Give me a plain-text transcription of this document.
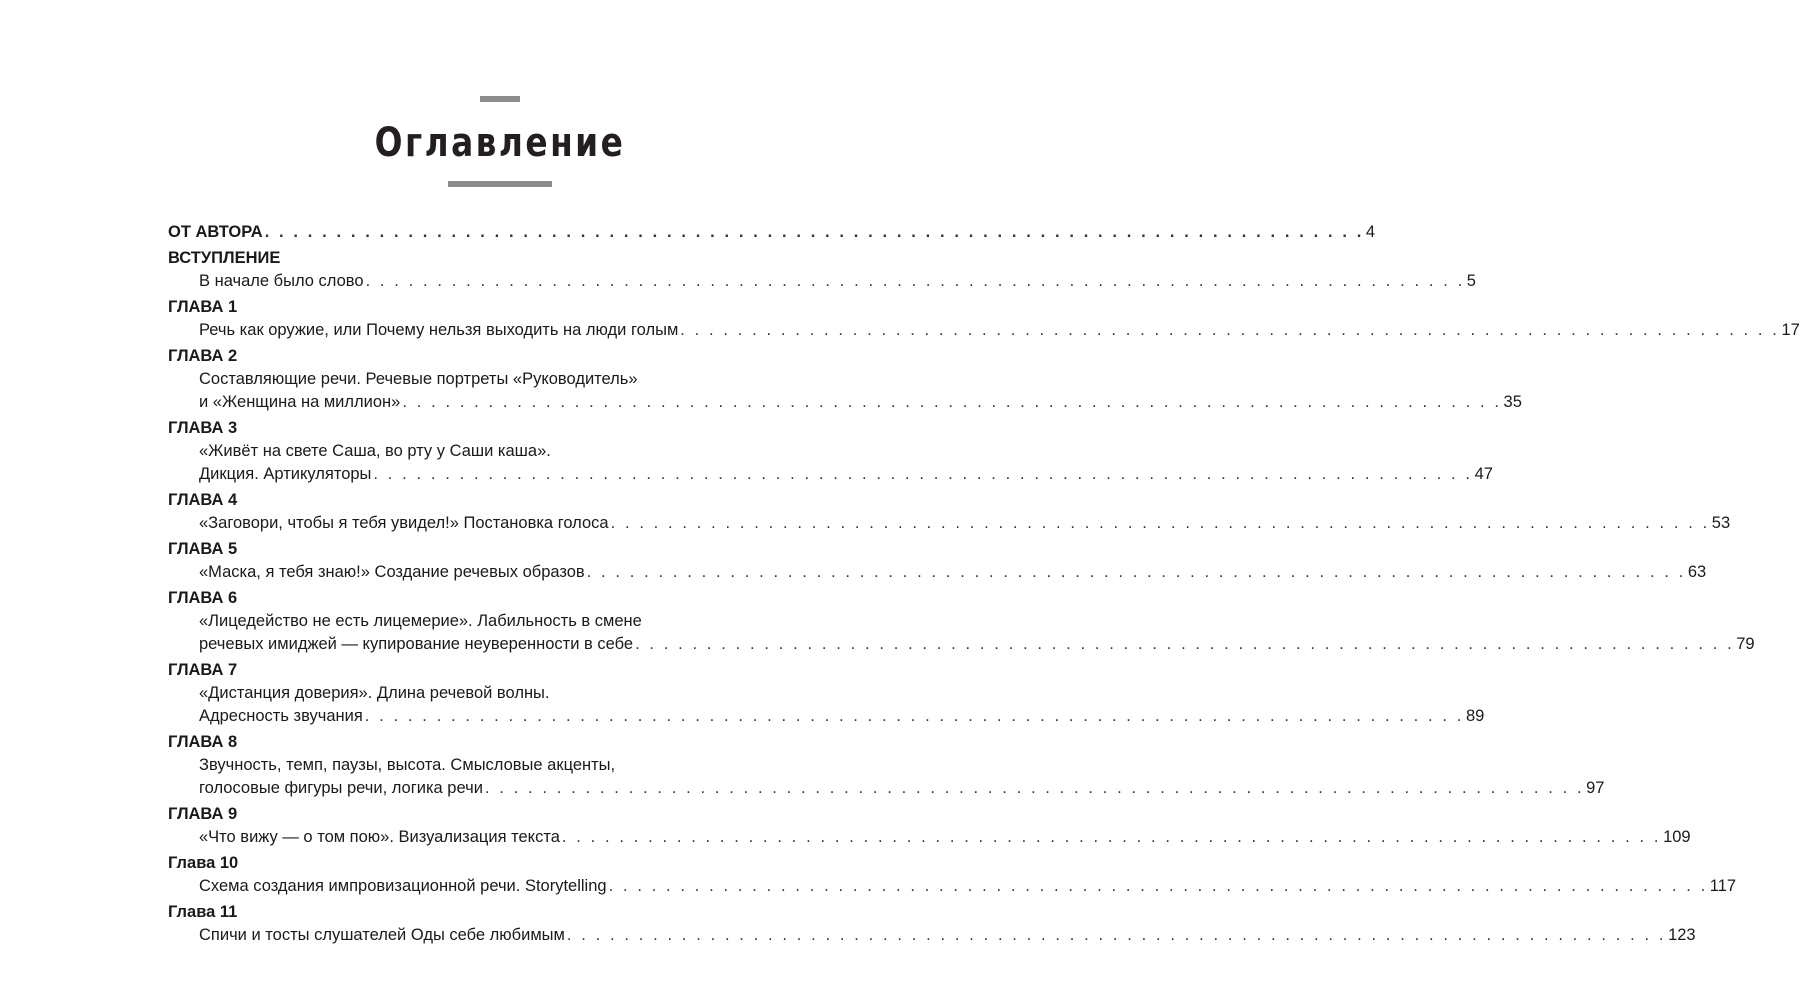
Оглавление
ОТ АВТОРА . . . . . . . . . . . . . . . . . . . . . . . . . . . . . . . . . . . . . . . . . . . . . . . . . . . . . . . . . . . . . . . . . . . . . . . . . . . . . 4
ВСТУПЛЕНИЕ
В начале было слово . . . . . . . . . . . . . . . . . . . . . . . . . . . . . . . . . . . . . . . . . . . . . . . . . . . . . . . . . . . . . . . . . . . . . . . . . . . . . 5
ГЛАВА 1
Речь как оружие, или Почему нельзя выходить на люди голым . . . . . . . . . . . . . . . . . . . . . . . . . . . . . . . . . . . . . . . . . . . . . . . . . . . . . . . . . . . . . . . . . . . . . . . . . . . . . 17
ГЛАВА 2
Составляющие речи. Речевые портреты «Руководитель»
и «Женщина на миллион» . . . . . . . . . . . . . . . . . . . . . . . . . . . . . . . . . . . . . . . . . . . . . . . . . . . . . . . . . . . . . . . . . . . . . . . . . . . . . 35
ГЛАВА 3
«Живёт на свете Саша, во рту у Саши каша».
Дикция. Артикуляторы . . . . . . . . . . . . . . . . . . . . . . . . . . . . . . . . . . . . . . . . . . . . . . . . . . . . . . . . . . . . . . . . . . . . . . . . . . . . . 47
ГЛАВА 4
«Заговори, чтобы я тебя увидел!» Постановка голоса . . . . . . . . . . . . . . . . . . . . . . . . . . . . . . . . . . . . . . . . . . . . . . . . . . . . . . . . . . . . . . . . . . . . . . . . . . . . . 53
ГЛАВА 5
«Маска, я тебя знаю!» Создание речевых образов . . . . . . . . . . . . . . . . . . . . . . . . . . . . . . . . . . . . . . . . . . . . . . . . . . . . . . . . . . . . . . . . . . . . . . . . . . . . . 63
ГЛАВА 6
«Лицедейство не есть лицемерие». Лабильность в смене
речевых имиджей — купирование неуверенности в себе . . . . . . . . . . . . . . . . . . . . . . . . . . . . . . . . . . . . . . . . . . . . . . . . . . . . . . . . . . . . . . . . . . . . . . . . . . . . . 79
ГЛАВА 7
«Дистанция доверия». Длина речевой волны.
Адресность звучания . . . . . . . . . . . . . . . . . . . . . . . . . . . . . . . . . . . . . . . . . . . . . . . . . . . . . . . . . . . . . . . . . . . . . . . . . . . . . 89
ГЛАВА 8
Звучность, темп, паузы, высота. Смысловые акценты,
голосовые фигуры речи, логика речи . . . . . . . . . . . . . . . . . . . . . . . . . . . . . . . . . . . . . . . . . . . . . . . . . . . . . . . . . . . . . . . . . . . . . . . . . . . . . 97
ГЛАВА 9
«Что вижу — о том пою». Визуализация текста . . . . . . . . . . . . . . . . . . . . . . . . . . . . . . . . . . . . . . . . . . . . . . . . . . . . . . . . . . . . . . . . . . . . . . . . . . . . . 109
Глава 10
Схема создания импровизационной речи. Storytelling . . . . . . . . . . . . . . . . . . . . . . . . . . . . . . . . . . . . . . . . . . . . . . . . . . . . . . . . . . . . . . . . . . . . . . . . . . . . . 117
Глава 11
Спичи и тосты слушателей Оды себе любимым . . . . . . . . . . . . . . . . . . . . . . . . . . . . . . . . . . . . . . . . . . . . . . . . . . . . . . . . . . . . . . . . . . . . . . . . . . . . . 123
